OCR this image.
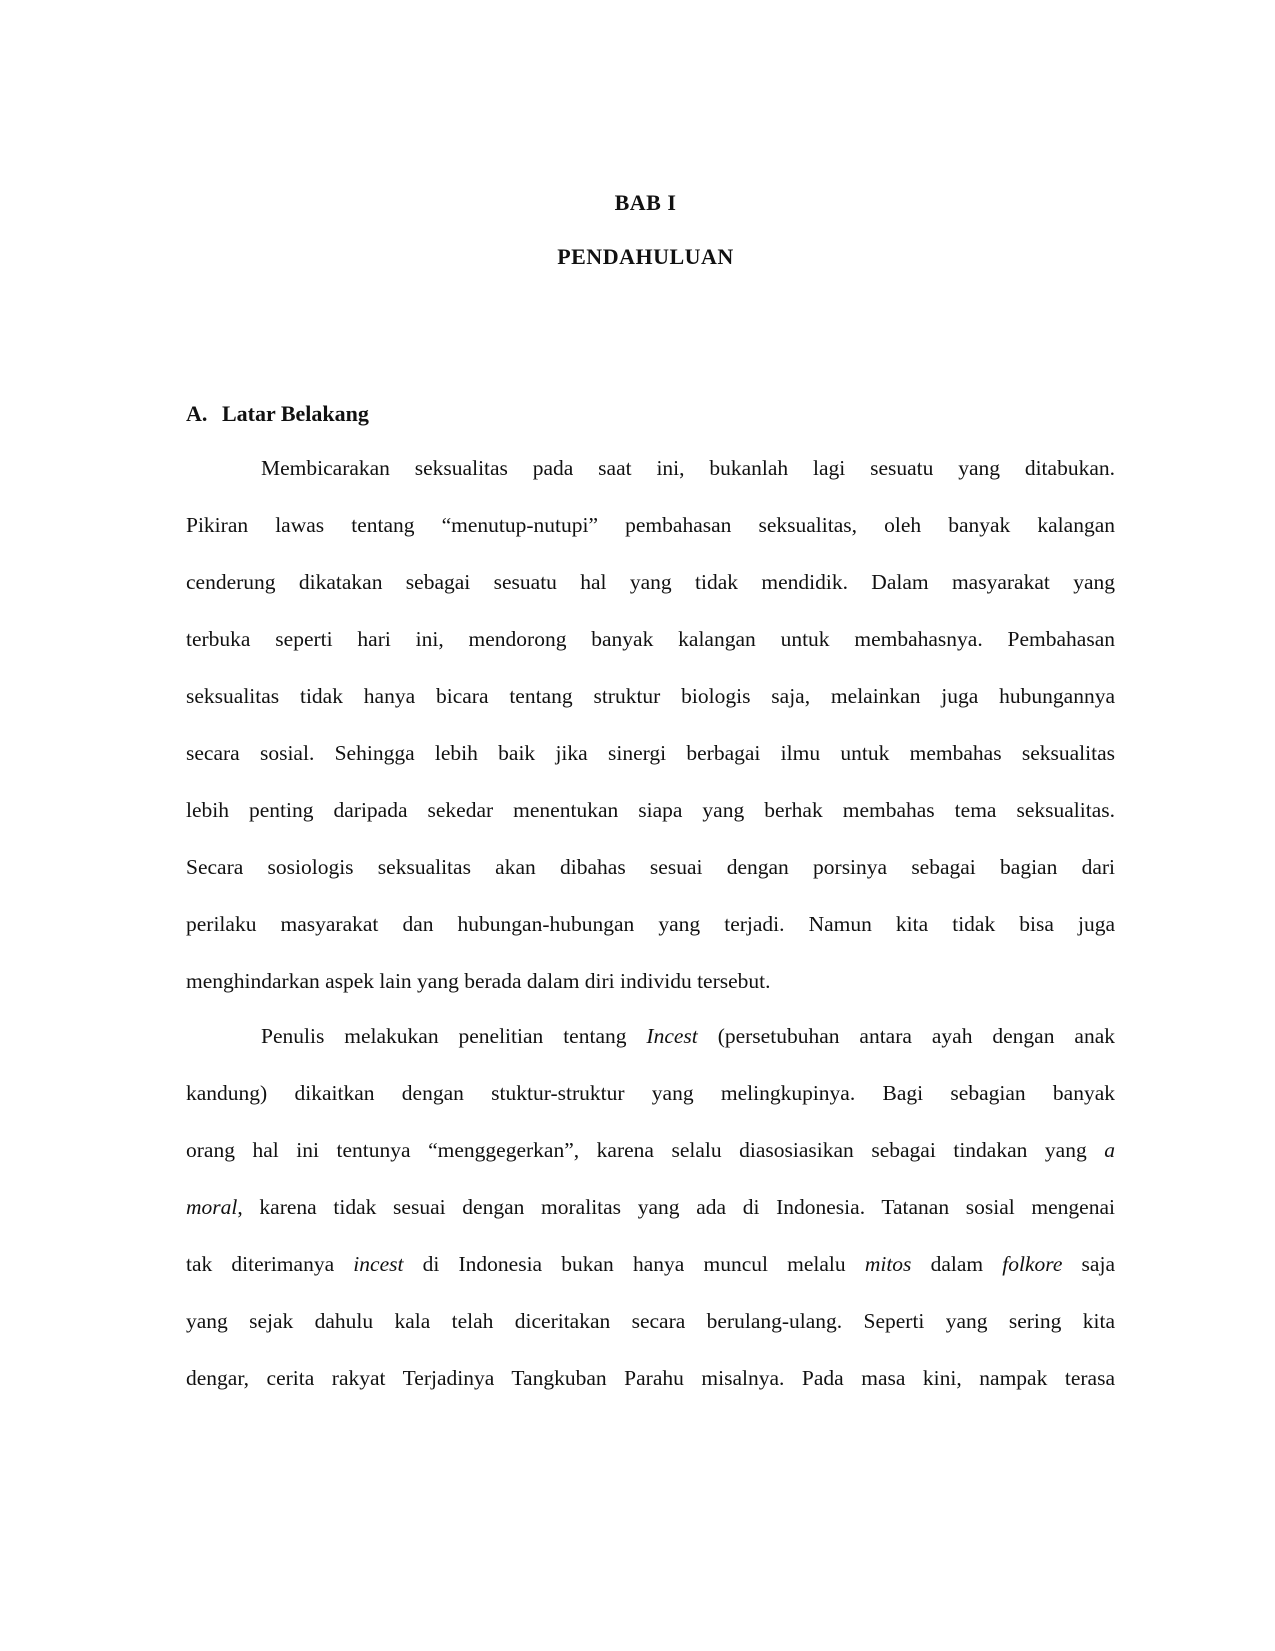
BAB I
PENDAHULUAN
A. Latar Belakang
Membicarakan seksualitas pada saat ini, bukanlah lagi sesuatu yang ditabukan.
Pikiran lawas tentang “menutup-nutupi” pembahasan seksualitas, oleh banyak kalangan
cenderung dikatakan sebagai sesuatu hal yang tidak mendidik. Dalam masyarakat yang
terbuka seperti hari ini, mendorong banyak kalangan untuk membahasnya. Pembahasan
seksualitas tidak hanya bicara tentang struktur biologis saja, melainkan juga hubungannya
secara sosial. Sehingga lebih baik jika sinergi berbagai ilmu untuk membahas seksualitas
lebih penting daripada sekedar menentukan siapa yang berhak membahas tema seksualitas.
Secara sosiologis seksualitas akan dibahas sesuai dengan porsinya sebagai bagian dari
perilaku masyarakat dan hubungan-hubungan yang terjadi. Namun kita tidak bisa juga
menghindarkan aspek lain yang berada dalam diri individu tersebut.
Penulis melakukan penelitian tentang Incest (persetubuhan antara ayah dengan anak
kandung) dikaitkan dengan stuktur-struktur yang melingkupinya. Bagi sebagian banyak
orang hal ini tentunya “menggegerkan”, karena selalu diasosiasikan sebagai tindakan yang a
moral, karena tidak sesuai dengan moralitas yang ada di Indonesia. Tatanan sosial mengenai
tak diterimanya incest di Indonesia bukan hanya muncul melalu mitos dalam folkore saja
yang sejak dahulu kala telah diceritakan secara berulang-ulang. Seperti yang sering kita
dengar, cerita rakyat Terjadinya Tangkuban Parahu misalnya. Pada masa kini, nampak terasa
